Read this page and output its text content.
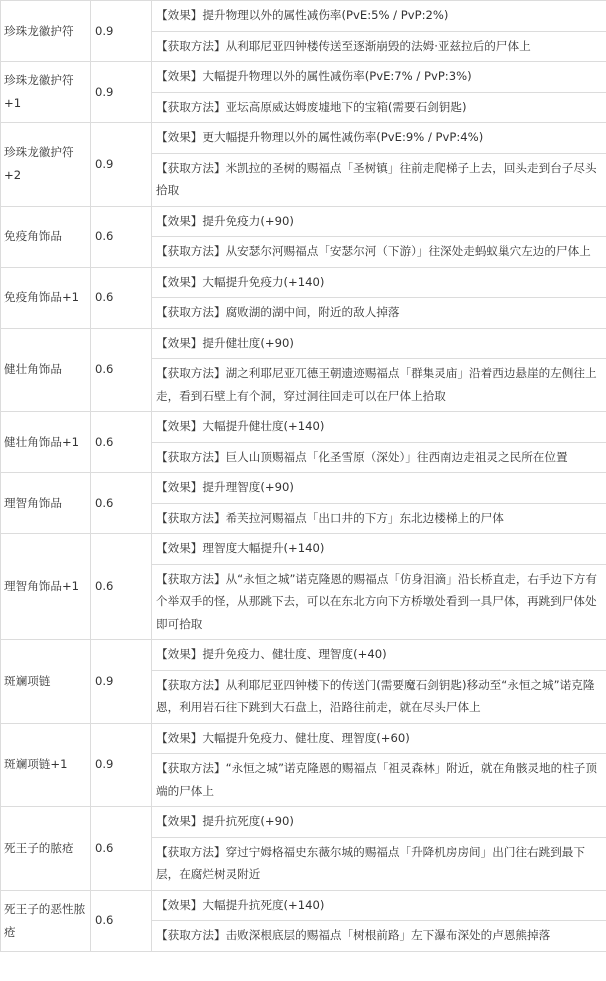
珍珠龙徽护符	0.9	【效果】提升物理以外的属性减伤率(PvE:5% / PvP:2%)
		【获取方法】从利耶尼亚四钟楼传送至逐渐崩毁的法姆·亚兹拉后的尸体上
珍珠龙徽护符+1	0.9	【效果】大幅提升物理以外的属性减伤率(PvE:7% / PvP:3%)
		【获取方法】亚坛高原威达姆废墟地下的宝箱(需要石剑钥匙)
珍珠龙徽护符+2	0.9	【效果】更大幅提升物理以外的属性减伤率(PvE:9% / PvP:4%)
		【获取方法】米凯拉的圣树的赐福点「圣树镇」往前走爬梯子上去，回头走到台子尽头拾取
免疫角饰品	0.6	【效果】提升免疫力(+90)
		【获取方法】从安瑟尔河赐福点「安瑟尔河（下游）」往深处走蚂蚁巢穴左边的尸体上
免疫角饰品+1	0.6	【效果】大幅提升免疫力(+140)
		【获取方法】腐败湖的湖中间，附近的敌人掉落
健壮角饰品	0.6	【效果】提升健壮度(+90)
		【获取方法】湖之利耶尼亚兀德王朝遗迹赐福点「群集灵庙」沿着西边悬崖的左侧往上走，看到石壁上有个洞，穿过洞往回走可以在尸体上拾取
健壮角饰品+1	0.6	【效果】大幅提升健壮度(+140)
		【获取方法】巨人山顶赐福点「化圣雪原（深处）」往西南边走祖灵之民所在位置
理智角饰品	0.6	【效果】提升理智度(+90)
		【获取方法】希芙拉河赐福点「出口井的下方」东北边楼梯上的尸体
理智角饰品+1	0.6	【效果】理智度大幅提升(+140)
		【获取方法】从“永恒之城”诺克隆恩的赐福点「仿身泪滴」沿长桥直走，右手边下方有个举双手的怪，从那跳下去，可以在东北方向下方桥墩处看到一具尸体，再跳到尸体处即可拾取
斑斓项链	0.9	【效果】提升免疫力、健壮度、理智度(+40)
		【获取方法】从利耶尼亚四钟楼下的传送门(需要魔石剑钥匙)移动至“永恒之城”诺克隆恩，利用岩石往下跳到大石盘上，沿路往前走，就在尽头尸体上
斑斓项链+1	0.9	【效果】大幅提升免疫力、健壮度、理智度(+60)
		【获取方法】“永恒之城”诺克隆恩的赐福点「祖灵森林」附近，就在角骸灵地的柱子顶端的尸体上
死王子的脓疮	0.6	【效果】提升抗死度(+90)
		【获取方法】穿过宁姆格福史东薇尔城的赐福点「升降机房房间」出门往右跳到最下层，在腐烂树灵附近
死王子的恶性脓疮	0.6	【效果】大幅提升抗死度(+140)
		【获取方法】击败深根底层的赐福点「树根前路」左下瀑布深处的卢恩熊掉落
